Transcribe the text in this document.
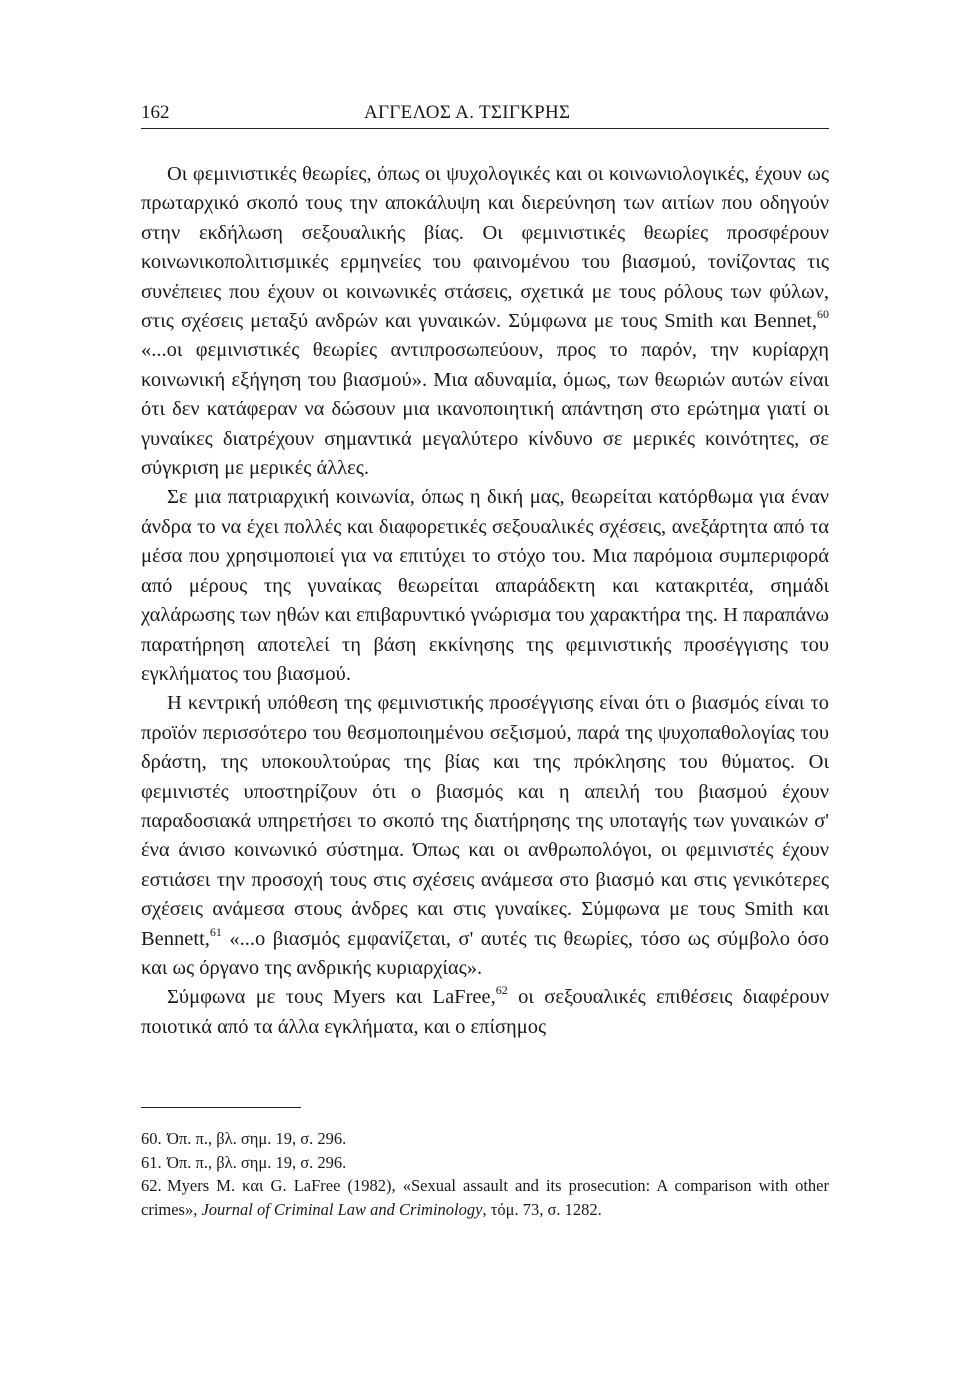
162	ΑΓΓΕΛΟΣ Α. ΤΣΙΓΚΡΗΣ

Οι φεμινιστικές θεωρίες, όπως οι ψυχολογικές και οι κοινωνιολογικές, έχουν ως πρωταρχικό σκοπό τους την αποκάλυψη και διερεύνηση των αιτίων που οδηγούν στην εκδήλωση σεξουαλικής βίας. Οι φεμινιστικές θεωρίες προσφέρουν κοινωνικοπολιτισμικές ερμηνείες του φαινομένου του βιασμού, τονίζοντας τις συνέπειες που έχουν οι κοινωνικές στάσεις, σχετικά με τους ρόλους των φύλων, στις σχέσεις μεταξύ ανδρών και γυναικών. Σύμφωνα με τους Smith και Bennet,$^{60}$ «...οι φεμινιστικές θεωρίες αντιπροσωπεύουν, προς το παρόν, την κυρίαρχη κοινωνική εξήγηση του βιασμού». Μια αδυναμία, όμως, των θεωριών αυτών είναι ότι δεν κατάφεραν να δώσουν μια ικανοποιητική απάντηση στο ερώτημα γιατί οι γυναίκες διατρέχουν σημαντικά μεγαλύτερο κίνδυνο σε μερικές κοινότητες, σε σύγκριση με μερικές άλλες.

Σε μια πατριαρχική κοινωνία, όπως η δική μας, θεωρείται κατόρθωμα για έναν άνδρα το να έχει πολλές και διαφορετικές σεξουαλικές σχέσεις, ανεξάρτητα από τα μέσα που χρησιμοποιεί για να επιτύχει το στόχο του. Μια παρόμοια συμπεριφορά από μέρους της γυναίκας θεωρείται απαράδεκτη και κατακριτέα, σημάδι χαλάρωσης των ηθών και επιβαρυντικό γνώρισμα του χαρακτήρα της. Η παραπάνω παρατήρηση αποτελεί τη βάση εκκίνησης της φεμινιστικής προσέγγισης του εγκλήματος του βιασμού.

Η κεντρική υπόθεση της φεμινιστικής προσέγγισης είναι ότι ο βιασμός είναι το προϊόν περισσότερο του θεσμοποιημένου σεξισμού, παρά της ψυχοπαθολογίας του δράστη, της υποκουλτούρας της βίας και της πρόκλησης του θύματος. Οι φεμινιστές υποστηρίζουν ότι ο βιασμός και η απειλή του βιασμού έχουν παραδοσιακά υπηρετήσει το σκοπό της διατήρησης της υποταγής των γυναικών σ' ένα άνισο κοινωνικό σύστημα. Όπως και οι ανθρωπολόγοι, οι φεμινιστές έχουν εστιάσει την προσοχή τους στις σχέσεις ανάμεσα στο βιασμό και στις γενικότερες σχέσεις ανάμεσα στους άνδρες και στις γυναίκες. Σύμφωνα με τους Smith και Bennett,$^{61}$ «...ο βιασμός εμφανίζεται, σ' αυτές τις θεωρίες, τόσο ως σύμβολο όσο και ως όργανο της ανδρικής κυριαρχίας».

Σύμφωνα με τους Myers και LaFree,$^{62}$ οι σεξουαλικές επιθέσεις διαφέρουν ποιοτικά από τα άλλα εγκλήματα, και ο επίσημος

60. Όπ. π., βλ. σημ. 19, σ. 296.

61. Όπ. π., βλ. σημ. 19, σ. 296.

62. Myers M. και G. LaFree (1982), «Sexual assault and its prosecution: A comparison with other crimes», Journal of Criminal Law and Criminology, τόμ. 73, σ. 1282.
